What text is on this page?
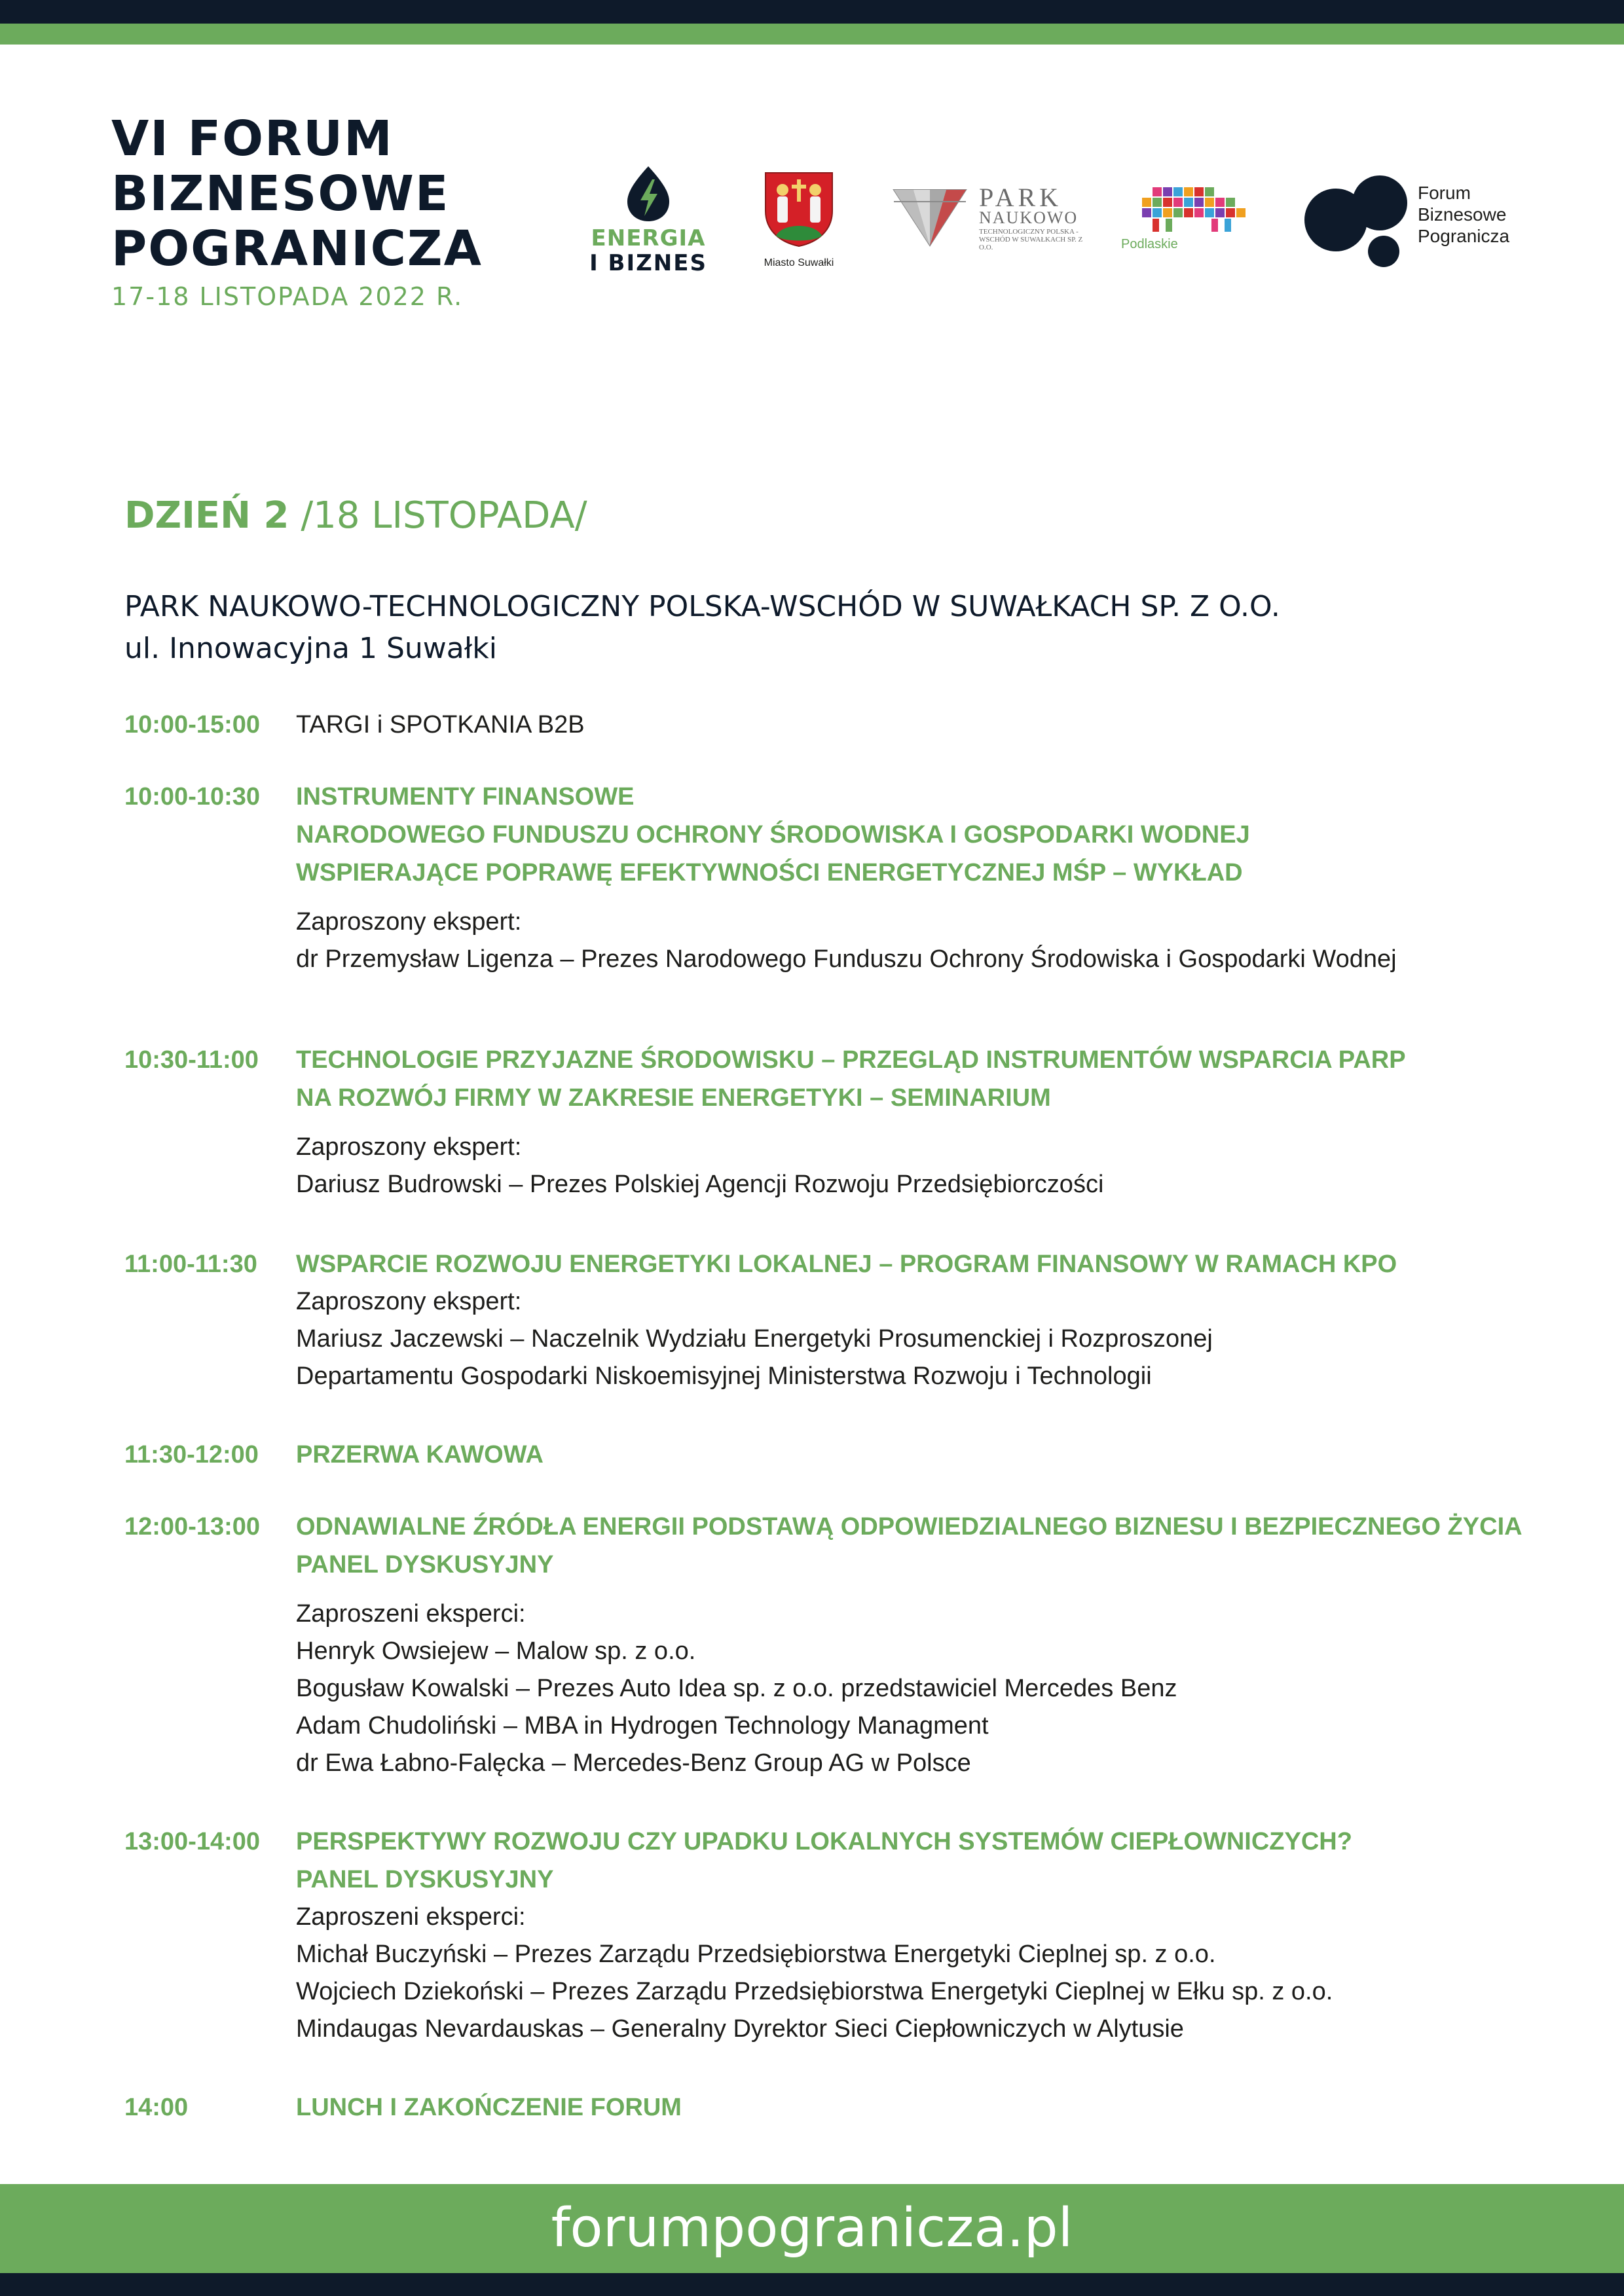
VI FORUM
BIZNESOWE
POGRANICZA
17-18 LISTOPADA 2022 R.
ENERGIA
I BIZNES	Miasto Suwałki
PARK
NAUKOWO
TECHNOLOGICZNY POLSKA - WSCHÓD W SUWAŁKACH SP. Z O.O.	Podlaskie
Forum
Biznesowe
Pogranicza
DZIEŃ 2 /18 LISTOPADA/
PARK NAUKOWO-TECHNOLOGICZNY POLSKA-WSCHÓD W SUWAŁKACH SP. Z O.O.
ul. Innowacyjna 1 Suwałki
10:00-15:00	TARGI i SPOTKANIA B2B
10:00-10:30	INSTRUMENTY FINANSOWE
NARODOWEGO FUNDUSZU OCHRONY ŚRODOWISKA I GOSPODARKI WODNEJ
WSPIERAJĄCE POPRAWĘ EFEKTYWNOŚCI ENERGETYCZNEJ MŚP – WYKŁAD
Zaproszony ekspert:
dr Przemysław Ligenza – Prezes Narodowego Funduszu Ochrony Środowiska i Gospodarki Wodnej
10:30-11:00	TECHNOLOGIE PRZYJAZNE ŚRODOWISKU – PRZEGLĄD INSTRUMENTÓW WSPARCIA PARP
NA ROZWÓJ FIRMY W ZAKRESIE ENERGETYKI – SEMINARIUM
Zaproszony ekspert:
Dariusz Budrowski – Prezes Polskiej Agencji Rozwoju Przedsiębiorczości
11:00-11:30	WSPARCIE ROZWOJU ENERGETYKI LOKALNEJ – PROGRAM FINANSOWY W RAMACH KPO
Zaproszony ekspert:
Mariusz Jaczewski – Naczelnik Wydziału Energetyki Prosumenckiej i Rozproszonej
Departamentu Gospodarki Niskoemisyjnej Ministerstwa Rozwoju i Technologii
11:30-12:00	PRZERWA KAWOWA
12:00-13:00	ODNAWIALNE ŹRÓDŁA ENERGII PODSTAWĄ ODPOWIEDZIALNEGO BIZNESU I BEZPIECZNEGO ŻYCIA
PANEL DYSKUSYJNY
Zaproszeni eksperci:
Henryk Owsiejew – Malow sp. z o.o.
Bogusław Kowalski – Prezes Auto Idea sp. z o.o. przedstawiciel Mercedes Benz
Adam Chudoliński – MBA in Hydrogen Technology Managment
dr Ewa Łabno-Falęcka – Mercedes-Benz Group AG w Polsce
13:00-14:00	PERSPEKTYWY ROZWOJU CZY UPADKU LOKALNYCH SYSTEMÓW CIEPŁOWNICZYCH?
PANEL DYSKUSYJNY
Zaproszeni eksperci:
Michał Buczyński – Prezes Zarządu Przedsiębiorstwa Energetyki Cieplnej sp. z o.o.
Wojciech Dziekoński – Prezes Zarządu Przedsiębiorstwa Energetyki Cieplnej w Ełku sp. z o.o.
Mindaugas Nevardauskas – Generalny Dyrektor Sieci Ciepłowniczych w Alytusie
14:00	LUNCH I ZAKOŃCZENIE FORUM
forumpogranicza.pl
